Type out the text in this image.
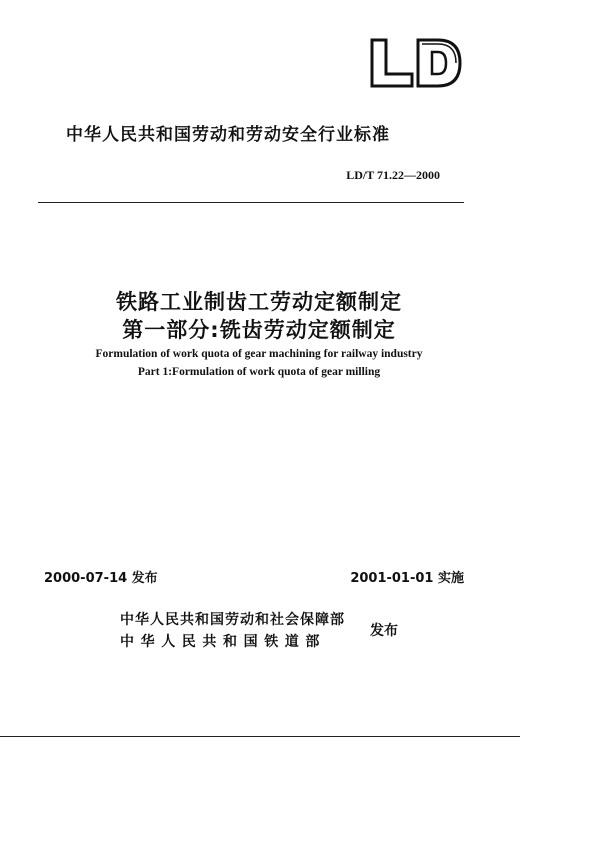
中华人民共和国劳动和劳动安全行业标准
LD/T 71.22—2000
铁路工业制齿工劳动定额制定
第一部分:铣齿劳动定额制定
Formulation of work quota of gear machining for railway industry
Part 1:Formulation of work quota of gear milling
2000-07-14 发布	2001-01-01 实施
中华人民共和国劳动和社会保障部
中华人民共和国铁道部
发布
